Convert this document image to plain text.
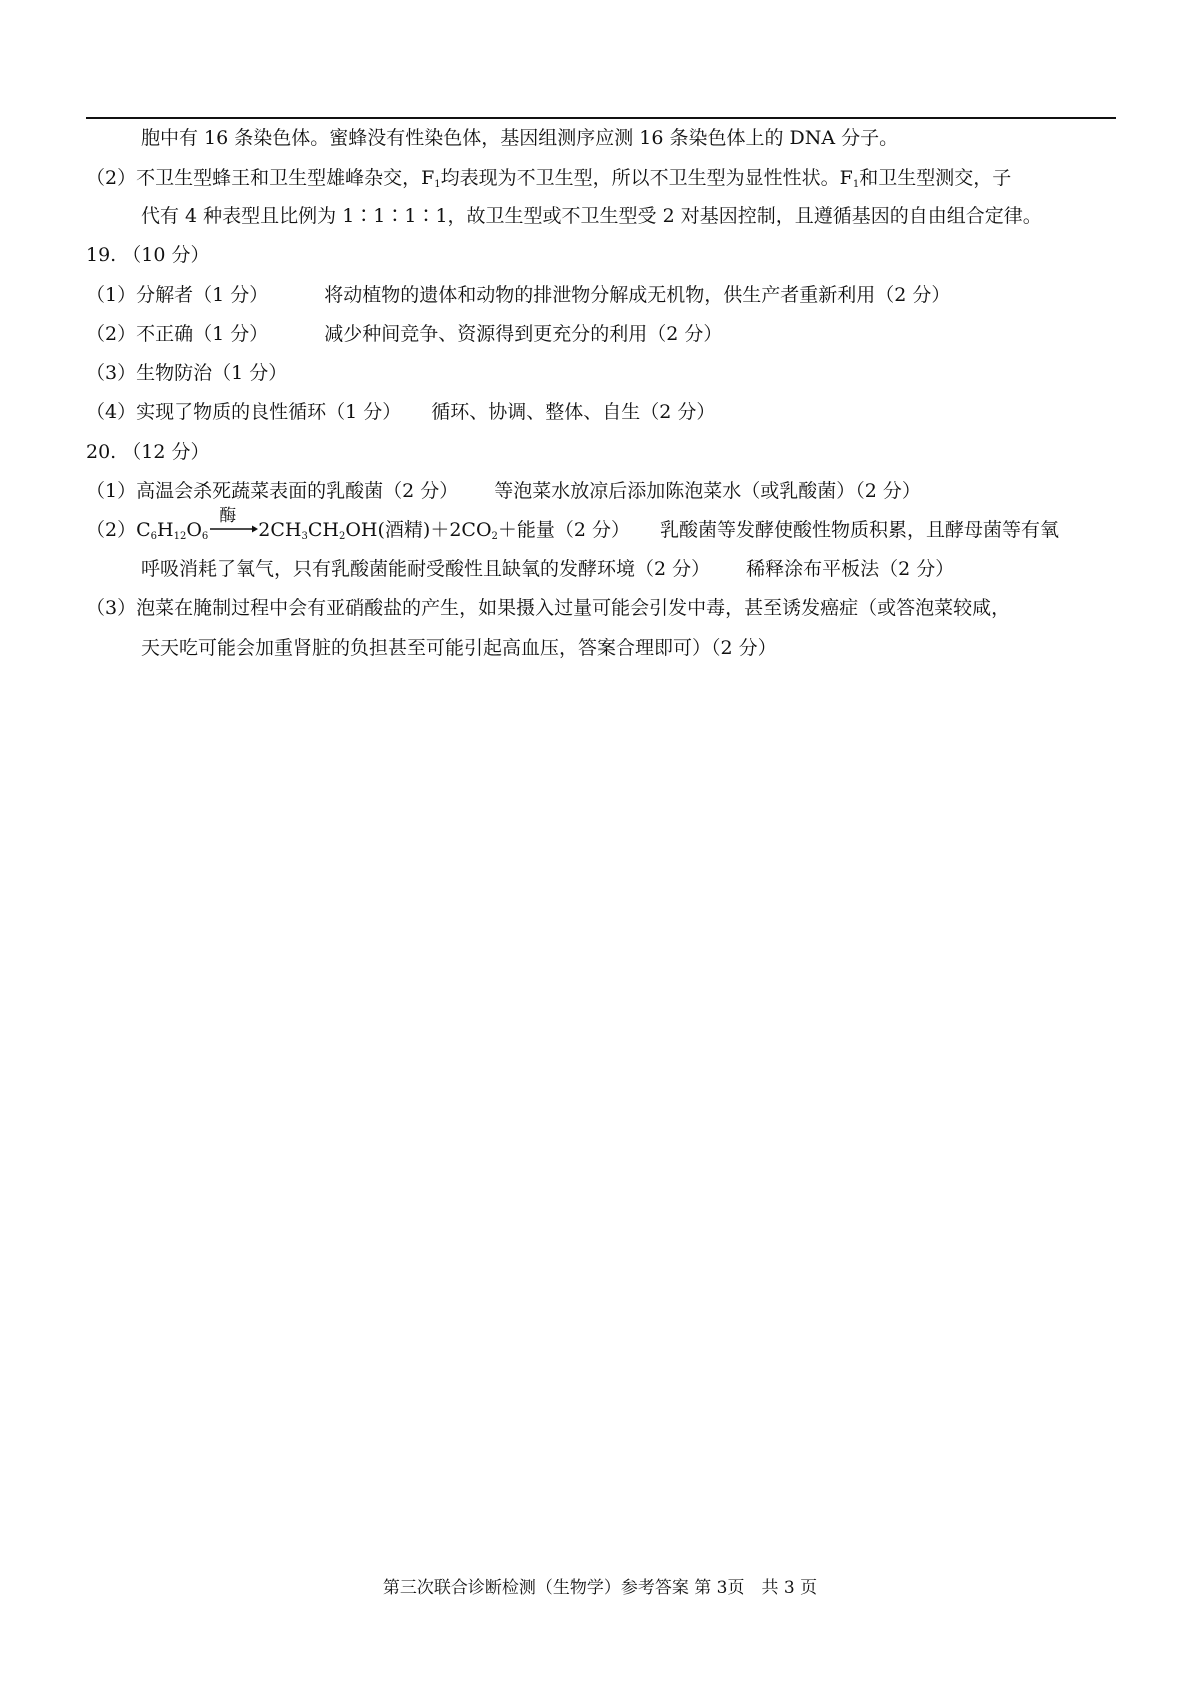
胞中有 16 条染色体。蜜蜂没有性染色体，基因组测序应测 16 条染色体上的 DNA 分子。
（2）不卫生型蜂王和卫生型雄峰杂交，$F_1$均表现为不卫生型，所以不卫生型为显性性状。$F_1$和卫生型测交，子
代有 4 种表型且比例为 1∶1∶1∶1，故卫生型或不卫生型受 2 对基因控制，且遵循基因的自由组合定律。
19. （10 分）
（1）分解者（1 分）	将动植物的遗体和动物的排泄物分解成无机物，供生产者重新利用（2 分）
（2）不正确（1 分）	减少种间竞争、资源得到更充分的利用（2 分）
（3）生物防治（1 分）
（4）实现了物质的良性循环（1 分） 循环、协调、整体、自生（2 分）
20. （12 分）
（1）高温会杀死蔬菜表面的乳酸菌（2 分） 等泡菜水放凉后添加陈泡菜水（或乳酸菌）（2 分）
$(2)C_6H_{12}O_6$
酶
$2CH_3CH_2OH$(酒精)$+2CO_2+$能量（2 分） 乳酸菌等发酵使酸性物质积累，且酵母菌等有氧
呼吸消耗了氧气，只有乳酸菌能耐受酸性且缺氧的发酵环境（2 分） 稀释涂布平板法（2 分）
（3）泡菜在腌制过程中会有亚硝酸盐的产生，如果摄入过量可能会引发中毒，甚至诱发癌症（或答泡菜较咸，
天天吃可能会加重肾脏的负担甚至可能引起高血压，答案合理即可）（2 分）
第三次联合诊断检测（生物学）参考答案 第 3页　共 3 页
